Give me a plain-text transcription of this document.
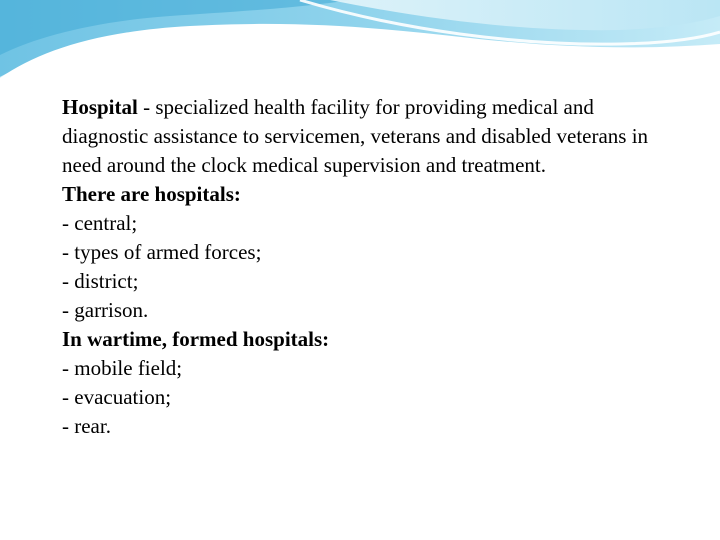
Hospital - specialized health facility for providing medical and diagnostic assistance to servicemen, veterans and disabled veterans in need around the clock medical supervision and treatment.

There are hospitals:

- central;

- types of armed forces;

- district;

- garrison.

In wartime, formed hospitals:

- mobile field;

- evacuation;

- rear.
